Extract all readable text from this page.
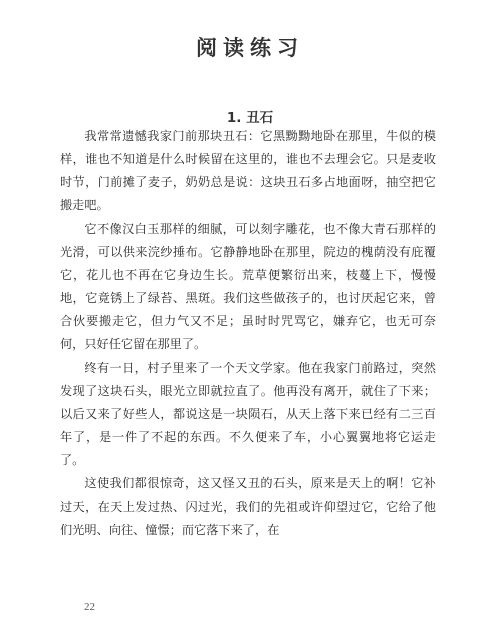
阅读练习
1. 丑石

我常常遗憾我家门前那块丑石：它黑黝黝地卧在那里，牛似的模样，谁也不知道是什么时候留在这里的，谁也不去理会它。只是麦收时节，门前摊了麦子，奶奶总是说：这块丑石多占地面呀，抽空把它搬走吧。

它不像汉白玉那样的细腻，可以刻字雕花，也不像大青石那样的光滑，可以供来浣纱捶布。它静静地卧在那里，院边的槐荫没有庇覆它，花儿也不再在它身边生长。荒草便繁衍出来，枝蔓上下，慢慢地，它竟锈上了绿苔、黑斑。我们这些做孩子的，也讨厌起它来，曾合伙要搬走它，但力气又不足；虽时时咒骂它，嫌弃它，也无可奈何，只好任它留在那里了。

终有一日，村子里来了一个天文学家。他在我家门前路过，突然发现了这块石头，眼光立即就拉直了。他再没有离开，就住了下来；以后又来了好些人，都说这是一块陨石，从天上落下来已经有二三百年了，是一件了不起的东西。不久便来了车，小心翼翼地将它运走了。

这使我们都很惊奇，这又怪又丑的石头，原来是天上的啊！它补过天，在天上发过热、闪过光，我们的先祖或许仰望过它，它给了他们光明、向往、憧憬；而它落下来了，在

22
